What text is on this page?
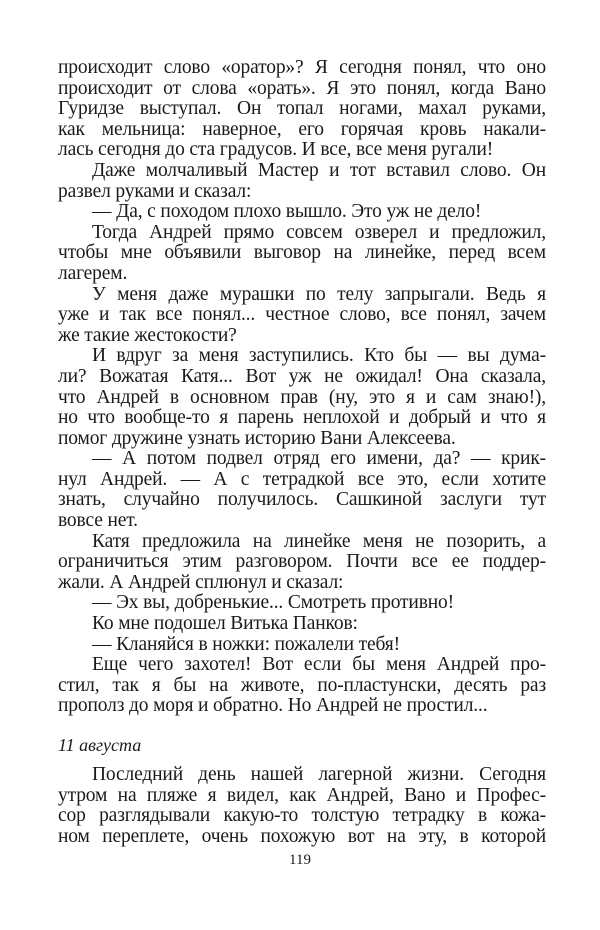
происходит слово «оратор»? Я сегодня понял, что оно
происходит от слова «орать». Я это понял, когда Вано
Гуридзе выступал. Он топал ногами, махал руками,
как мельница: наверное, его горячая кровь накали-
лась сегодня до ста градусов. И все, все меня ругали!
Даже молчаливый Мастер и тот вставил слово. Он
развел руками и сказал:
— Да, с походом плохо вышло. Это уж не дело!
Тогда Андрей прямо совсем озверел и предложил,
чтобы мне объявили выговор на линейке, перед всем
лагерем.
У меня даже мурашки по телу запрыгали. Ведь я
уже и так все понял... честное слово, все понял, зачем
же такие жестокости?
И вдруг за меня заступились. Кто бы — вы дума-
ли? Вожатая Катя... Вот уж не ожидал! Она сказала,
что Андрей в основном прав (ну, это я и сам знаю!),
но что вообще-то я парень неплохой и добрый и что я
помог дружине узнать историю Вани Алексеева.
— А потом подвел отряд его имени, да? — крик-
нул Андрей. — А с тетрадкой все это, если хотите
знать, случайно получилось. Сашкиной заслуги тут
вовсе нет.
Катя предложила на линейке меня не позорить, а
ограничиться этим разговором. Почти все ее поддер-
жали. А Андрей сплюнул и сказал:
— Эх вы, добренькие... Смотреть противно!
Ко мне подошел Витька Панков:
— Кланяйся в ножки: пожалели тебя!
Еще чего захотел! Вот если бы меня Андрей про-
стил, так я бы на животе, по-пластунски, десять раз
прополз до моря и обратно. Но Андрей не простил...
11 августа
Последний день нашей лагерной жизни. Сегодня
утром на пляже я видел, как Андрей, Вано и Профес-
сор разглядывали какую-то толстую тетрадку в кожа-
ном переплете, очень похожую вот на эту, в которой
119
